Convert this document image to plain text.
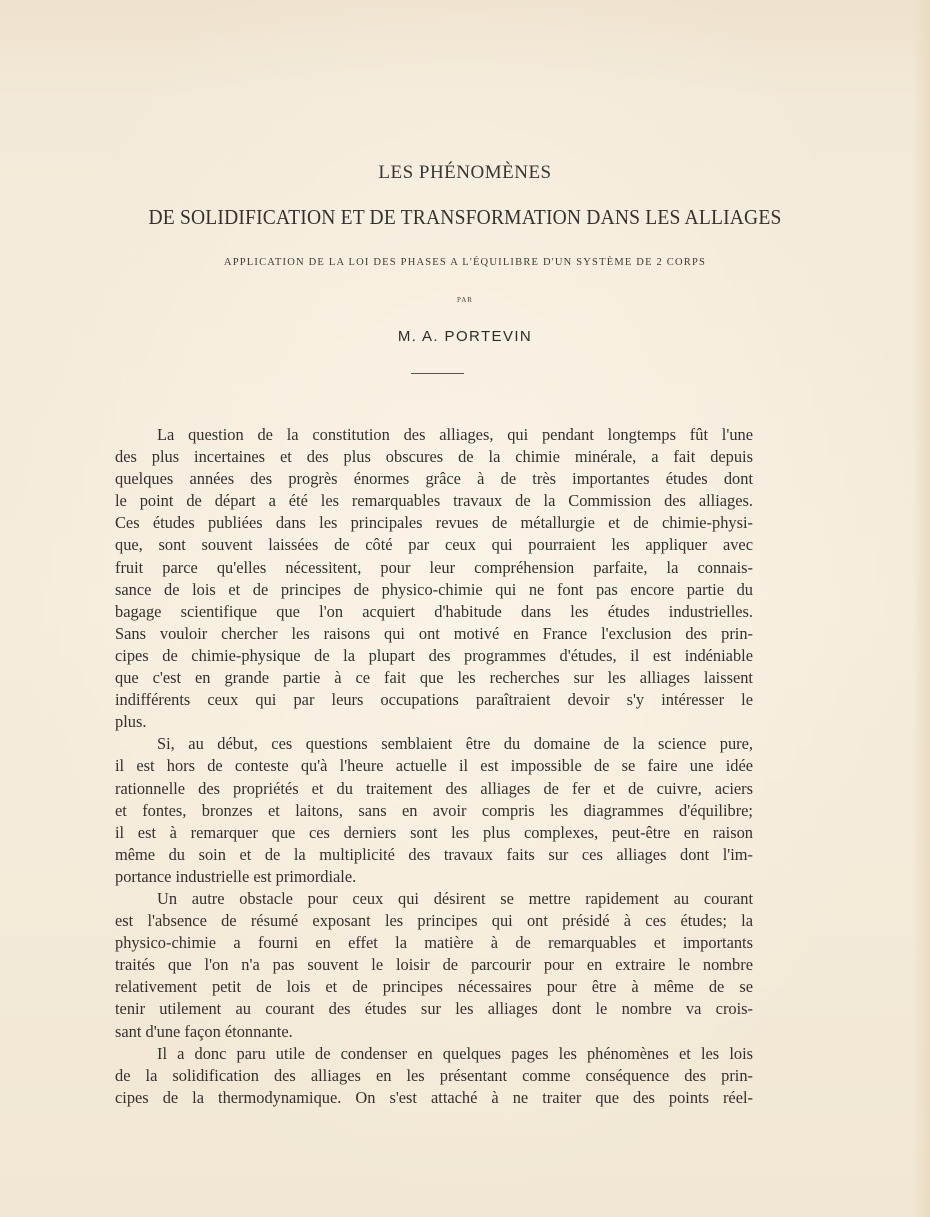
LES PHÉNOMÈNES
DE SOLIDIFICATION ET DE TRANSFORMATION DANS LES ALLIAGES
APPLICATION DE LA LOI DES PHASES A L'ÉQUILIBRE D'UN SYSTÈME DE 2 CORPS
PAR
M. A. PORTEVIN
La question de la constitution des alliages, qui pendant longtemps fût l'une
des plus incertaines et des plus obscures de la chimie minérale, a fait depuis
quelques années des progrès énormes grâce à de très importantes études dont
le point de départ a été les remarquables travaux de la Commission des alliages.
Ces études publiées dans les principales revues de métallurgie et de chimie-physi-
que, sont souvent laissées de côté par ceux qui pourraient les appliquer avec
fruit parce qu'elles nécessitent, pour leur compréhension parfaite, la connais-
sance de lois et de principes de physico-chimie qui ne font pas encore partie du
bagage scientifique que l'on acquiert d'habitude dans les études industrielles.
Sans vouloir chercher les raisons qui ont motivé en France l'exclusion des prin-
cipes de chimie-physique de la plupart des programmes d'études, il est indéniable
que c'est en grande partie à ce fait que les recherches sur les alliages laissent
indifférents ceux qui par leurs occupations paraîtraient devoir s'y intéresser le
plus.
Si, au début, ces questions semblaient être du domaine de la science pure,
il est hors de conteste qu'à l'heure actuelle il est impossible de se faire une idée
rationnelle des propriétés et du traitement des alliages de fer et de cuivre, aciers
et fontes, bronzes et laitons, sans en avoir compris les diagrammes d'équilibre;
il est à remarquer que ces derniers sont les plus complexes, peut-être en raison
même du soin et de la multiplicité des travaux faits sur ces alliages dont l'im-
portance industrielle est primordiale.
Un autre obstacle pour ceux qui désirent se mettre rapidement au courant
est l'absence de résumé exposant les principes qui ont présidé à ces études; la
physico-chimie a fourni en effet la matière à de remarquables et importants
traités que l'on n'a pas souvent le loisir de parcourir pour en extraire le nombre
relativement petit de lois et de principes nécessaires pour être à même de se
tenir utilement au courant des études sur les alliages dont le nombre va crois-
sant d'une façon étonnante.
Il a donc paru utile de condenser en quelques pages les phénomènes et les lois
de la solidification des alliages en les présentant comme conséquence des prin-
cipes de la thermodynamique. On s'est attaché à ne traiter que des points réel-
